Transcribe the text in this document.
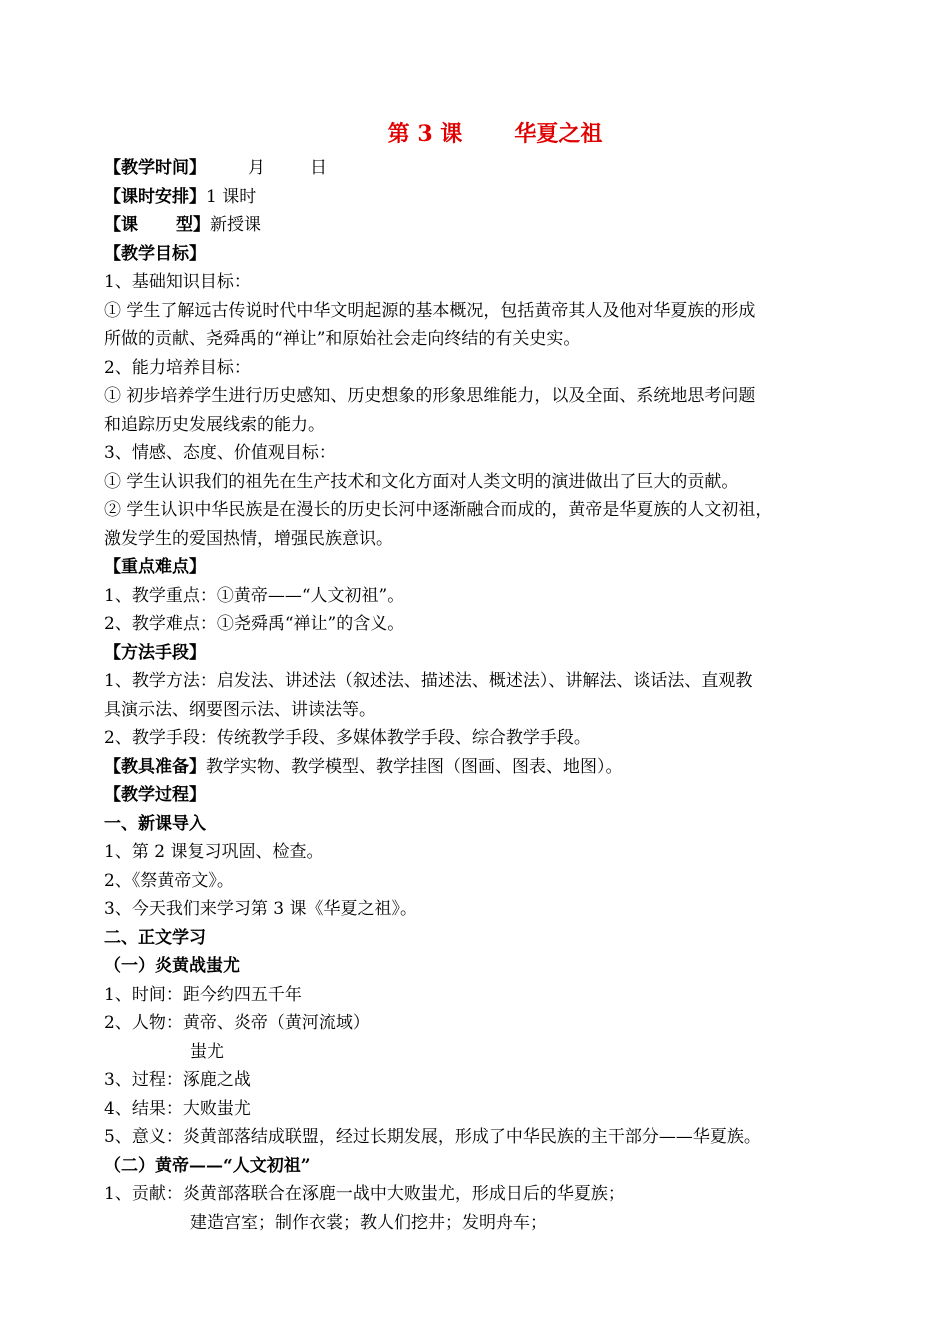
第 3 课 华夏之祖
【教学时间】 月	日
【课时安排】1 课时
【课 型】新授课
【教学目标】
1、基础知识目标：
① 学生了解远古传说时代中华文明起源的基本概况，包括黄帝其人及他对华夏族的形成
所做的贡献、尧舜禹的“禅让”和原始社会走向终结的有关史实。
2、能力培养目标：
① 初步培养学生进行历史感知、历史想象的形象思维能力，以及全面、系统地思考问题
和追踪历史发展线索的能力。
3、情感、态度、价值观目标：
① 学生认识我们的祖先在生产技术和文化方面对人类文明的演进做出了巨大的贡献。
② 学生认识中华民族是在漫长的历史长河中逐渐融合而成的，黄帝是华夏族的人文初祖，
激发学生的爱国热情，增强民族意识。
【重点难点】
1、教学重点：①黄帝——“人文初祖”。
2、教学难点：①尧舜禹“禅让”的含义。
【方法手段】
1、教学方法：启发法、讲述法（叙述法、描述法、概述法）、讲解法、谈话法、直观教
具演示法、纲要图示法、讲读法等。
2、教学手段：传统教学手段、多媒体教学手段、综合教学手段。
【教具准备】教学实物、教学模型、教学挂图（图画、图表、地图）。
【教学过程】
一、新课导入
1、第 2 课复习巩固、检查。
2、《祭黄帝文》。
3、今天我们来学习第 3 课《华夏之祖》。
二、正文学习
（一）炎黄战蚩尤
1、时间：距今约四五千年
2、人物：黄帝、炎帝（黄河流域）
蚩尤
3、过程：涿鹿之战
4、结果：大败蚩尤
5、意义：炎黄部落结成联盟，经过长期发展，形成了中华民族的主干部分——华夏族。
（二）黄帝——“人文初祖”
1、贡献：炎黄部落联合在涿鹿一战中大败蚩尤，形成日后的华夏族；
建造宫室；制作衣裳；教人们挖井；发明舟车；
